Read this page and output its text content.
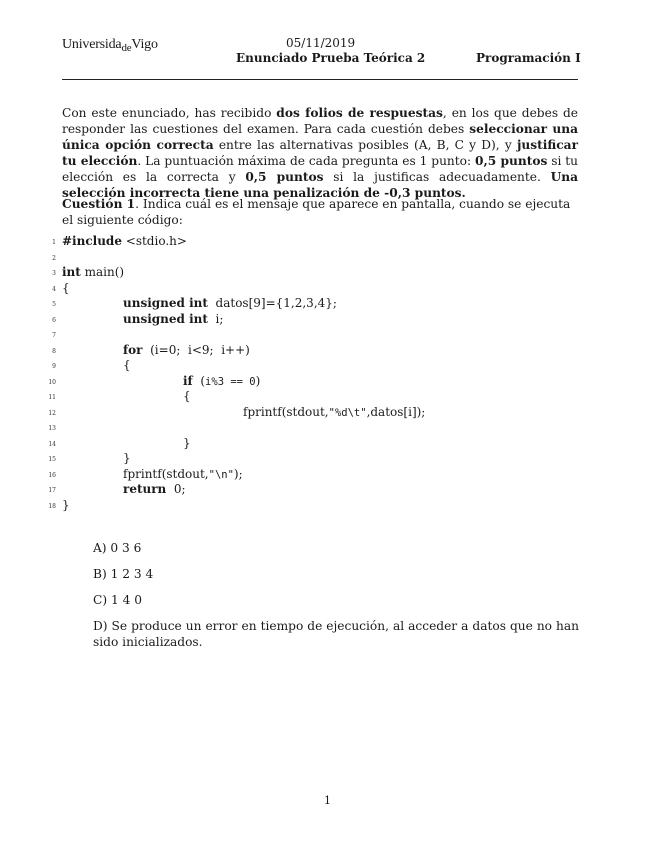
Universida$_{de}$Vigo	05/11/2019
Enunciado Prueba Teórica 2	Programación I
Con este enunciado, has recibido dos folios de respuestas, en los que debes de responder las cuestiones del examen. Para cada cuestión debes seleccionar una única opción correcta entre las alternativas posibles (A, B, C y D), y justificar tu elección. La puntuación máxima de cada pregunta es 1 punto: 0,5 puntos si tu elección es la correcta y 0,5 puntos si la justificas adecuadamente. Una selección incorrecta tiene una penalización de -0,3 puntos.
Cuestión 1. Indica cuál es el mensaje que aparece en pantalla, cuando se ejecuta el siguiente código:
1 #include <stdio.h>
2
3 int main()
4 {
5	unsigned int  datos[9]={1,2,3,4};
6	unsigned int  i;
7
8	for  (i=0;  i<9;  i++)
9	{
10	if  (i%3 == 0)
11	{
12	fprintf(stdout,"%d\t",datos[i]);
13
14	}
15	}
16	fprintf(stdout,"\n");
17	return  0;
18 }
A) 0 3 6
B) 1 2 3 4
C) 1 4 0
D) Se produce un error en tiempo de ejecución, al acceder a datos que no han sido inicializados.
1
